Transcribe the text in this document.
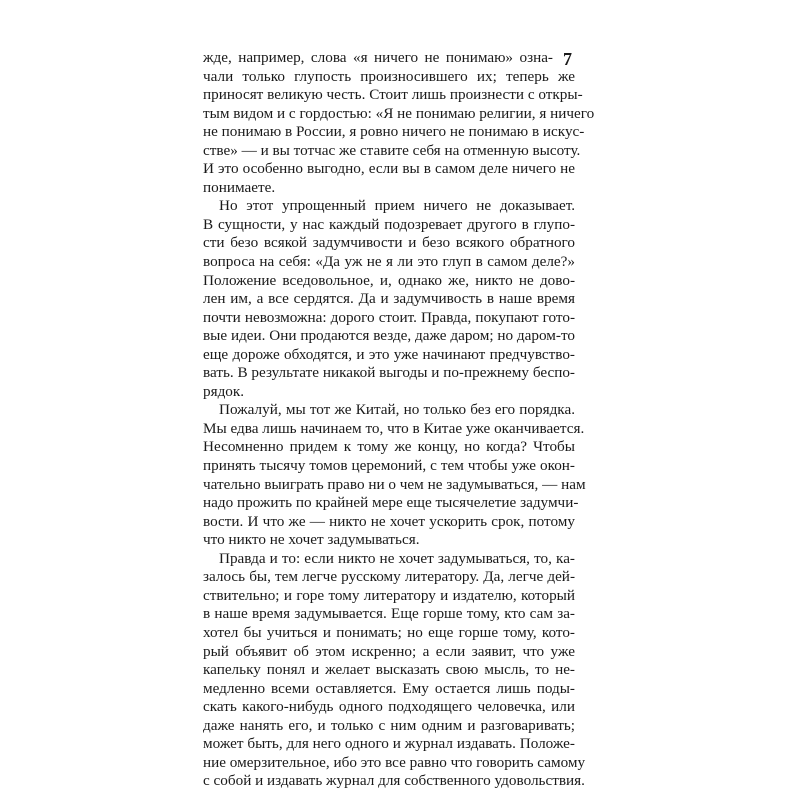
7
жде, например, слова «я ничего не понимаю» озна-
чали только глупость произносившего их; теперь же
приносят великую честь. Стоит лишь произнести с откры-
тым видом и с гордостью: «Я не понимаю религии, я ничего
не понимаю в России, я ровно ничего не понимаю в искус-
стве» — и вы тотчас же ставите себя на отменную высоту.
И это особенно выгодно, если вы в самом деле ничего не
понимаете.
Но этот упрощенный прием ничего не доказывает.
В сущности, у нас каждый подозревает другого в глупо-
сти безо всякой задумчивости и безо всякого обратного
вопроса на себя: «Да уж не я ли это глуп в самом деле?»
Положение вседовольное, и, однако же, никто не дово-
лен им, а все сердятся. Да и задумчивость в наше время
почти невозможна: дорого стоит. Правда, покупают гото-
вые идеи. Они продаются везде, даже даром; но даром-то
еще дороже обходятся, и это уже начинают предчувство-
вать. В результате никакой выгоды и по-прежнему беспо-
рядок.
Пожалуй, мы тот же Китай, но только без его порядка.
Мы едва лишь начинаем то, что в Китае уже оканчивается.
Несомненно придем к тому же концу, но когда? Чтобы
принять тысячу томов церемоний, с тем чтобы уже окон-
чательно выиграть право ни о чем не задумываться, — нам
надо прожить по крайней мере еще тысячелетие задумчи-
вости. И что же — никто не хочет ускорить срок, потому
что никто не хочет задумываться.
Правда и то: если никто не хочет задумываться, то, ка-
залось бы, тем легче русскому литератору. Да, легче дей-
ствительно; и горе тому литератору и издателю, который
в наше время задумывается. Еще горше тому, кто сам за-
хотел бы учиться и понимать; но еще горше тому, кото-
рый объявит об этом искренно; а если заявит, что уже
капельку понял и желает высказать свою мысль, то не-
медленно всеми оставляется. Ему остается лишь поды-
скать какого-нибудь одного подходящего человечка, или
даже нанять его, и только с ним одним и разговаривать;
может быть, для него одного и журнал издавать. Положе-
ние омерзительное, ибо это все равно что говорить самому
с собой и издавать журнал для собственного удовольствия.
